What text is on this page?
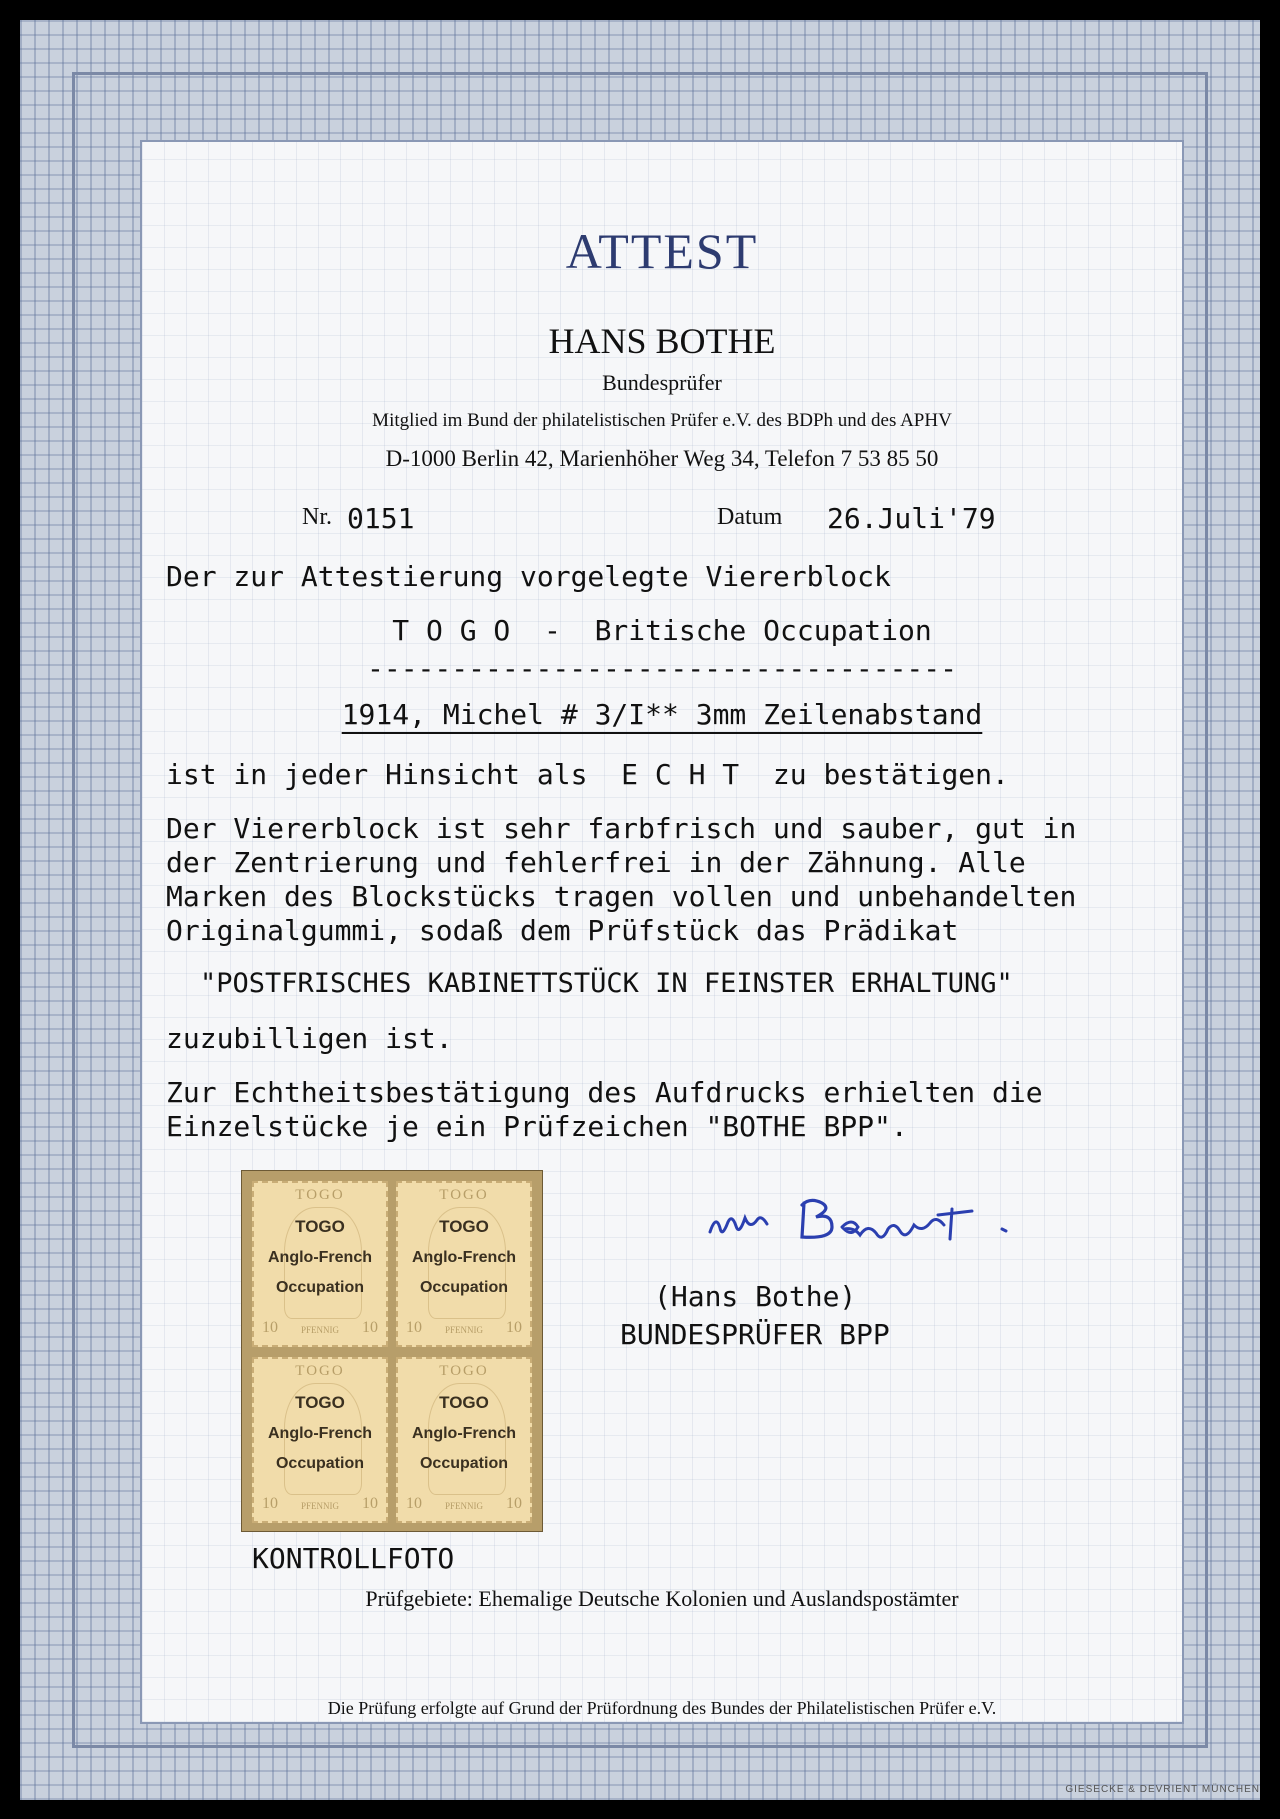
ATTEST
HANS BOTHE
Bundesprüfer
Mitglied im Bund der philatelistischen Prüfer e.V. des BDPh und des APHV
D-1000 Berlin 42, Marienhöher Weg 34, Telefon 7 53 85 50
Nr. 0151	Datum 26.Juli'79
Der zur Attestierung vorgelegte Viererblock
T O G O  -  Britische Occupation
-----------------------------------
1914, Michel # 3/I** 3mm Zeilenabstand
ist in jeder Hinsicht als  E C H T  zu bestätigen.
Der Viererblock ist sehr farbfrisch und sauber, gut in
der Zentrierung und fehlerfrei in der Zähnung. Alle
Marken des Blockstücks tragen vollen und unbehandelten
Originalgummi, sodaß dem Prüfstück das Prädikat
"POSTFRISCHES KABINETTSTÜCK IN FEINSTER ERHALTUNG"
zuzubilligen ist.
Zur Echtheitsbestätigung des Aufdrucks erhielten die
Einzelstücke je ein Prüfzeichen "BOTHE BPP".
TOGO
TOGO
Anglo-French
Occupation
10	PFENNIG	10
TOGO
TOGO
Anglo-French
Occupation
10	PFENNIG	10
TOGO
TOGO
Anglo-French
Occupation
10	PFENNIG	10
TOGO
TOGO
Anglo-French
Occupation
10	PFENNIG	10
(Hans Bothe)
BUNDESPRÜFER BPP
KONTROLLFOTO
Prüfgebiete: Ehemalige Deutsche Kolonien und Auslandspostämter
Die Prüfung erfolgte auf Grund der Prüfordnung des Bundes der Philatelistischen Prüfer e.V.
GIESECKE & DEVRIENT MÜNCHEN
